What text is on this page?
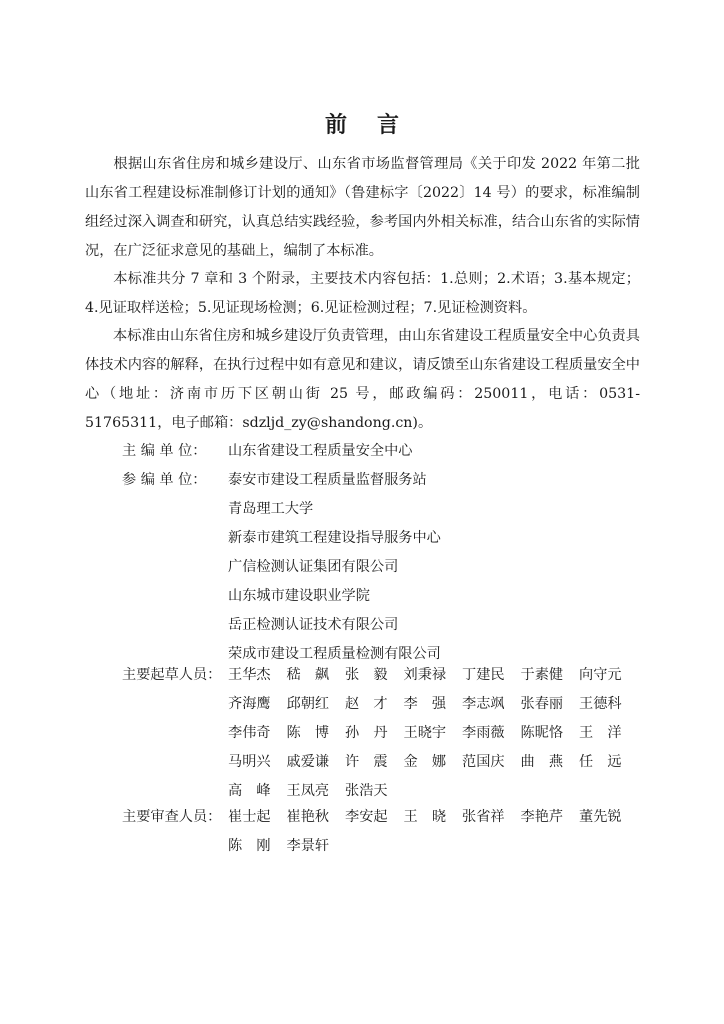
前 言

根据山东省住房和城乡建设厅、山东省市场监督管理局《关于印发 2022 年第二批山东省工程建设标准制修订计划的通知》（鲁建标字〔2022〕14 号）的要求，标准编制组经过深入调查和研究，认真总结实践经验，参考国内外相关标准，结合山东省的实际情况，在广泛征求意见的基础上，编制了本标准。

本标准共分 7 章和 3 个附录，主要技术内容包括：1.总则；2.术语；3.基本规定；4.见证取样送检；5.见证现场检测；6.见证检测过程；7.见证检测资料。

本标准由山东省住房和城乡建设厅负责管理，由山东省建设工程质量安全中心负责具体技术内容的解释，在执行过程中如有意见和建议，请反馈至山东省建设工程质量安全中心（地址：济南市历下区朝山街 25 号，邮政编码：250011，电话：0531-51765311，电子邮箱：sdzljd_zy@shandong.cn)。

主 编 单 位： 山东省建设工程质量安全中心
参 编 单 位：	泰安市建设工程质量监督服务站
青岛理工大学
新泰市建筑工程建设指导服务中心
广信检测认证集团有限公司
山东城市建设职业学院
岳正检测认证技术有限公司
荣成市建设工程质量检测有限公司
主要起草人员： 王华杰	嵇　飙	张　毅	刘秉禄	丁建民	于素健	向守元
齐海鹰	邱朝红	赵　才	李　强	李志飒	张春丽	王德科
李伟奇	陈　博	孙　丹	王晓宇	李雨薇	陈昵恪	王　洋
马明兴	戚爱谦	许　震	金　娜	范国庆	曲　燕	任　远
高　峰	王凤亮	张浩天
主要审查人员： 崔士起	崔艳秋	李安起	王　晓	张省祥	李艳芹	董先锐
陈　刚	李景轩
